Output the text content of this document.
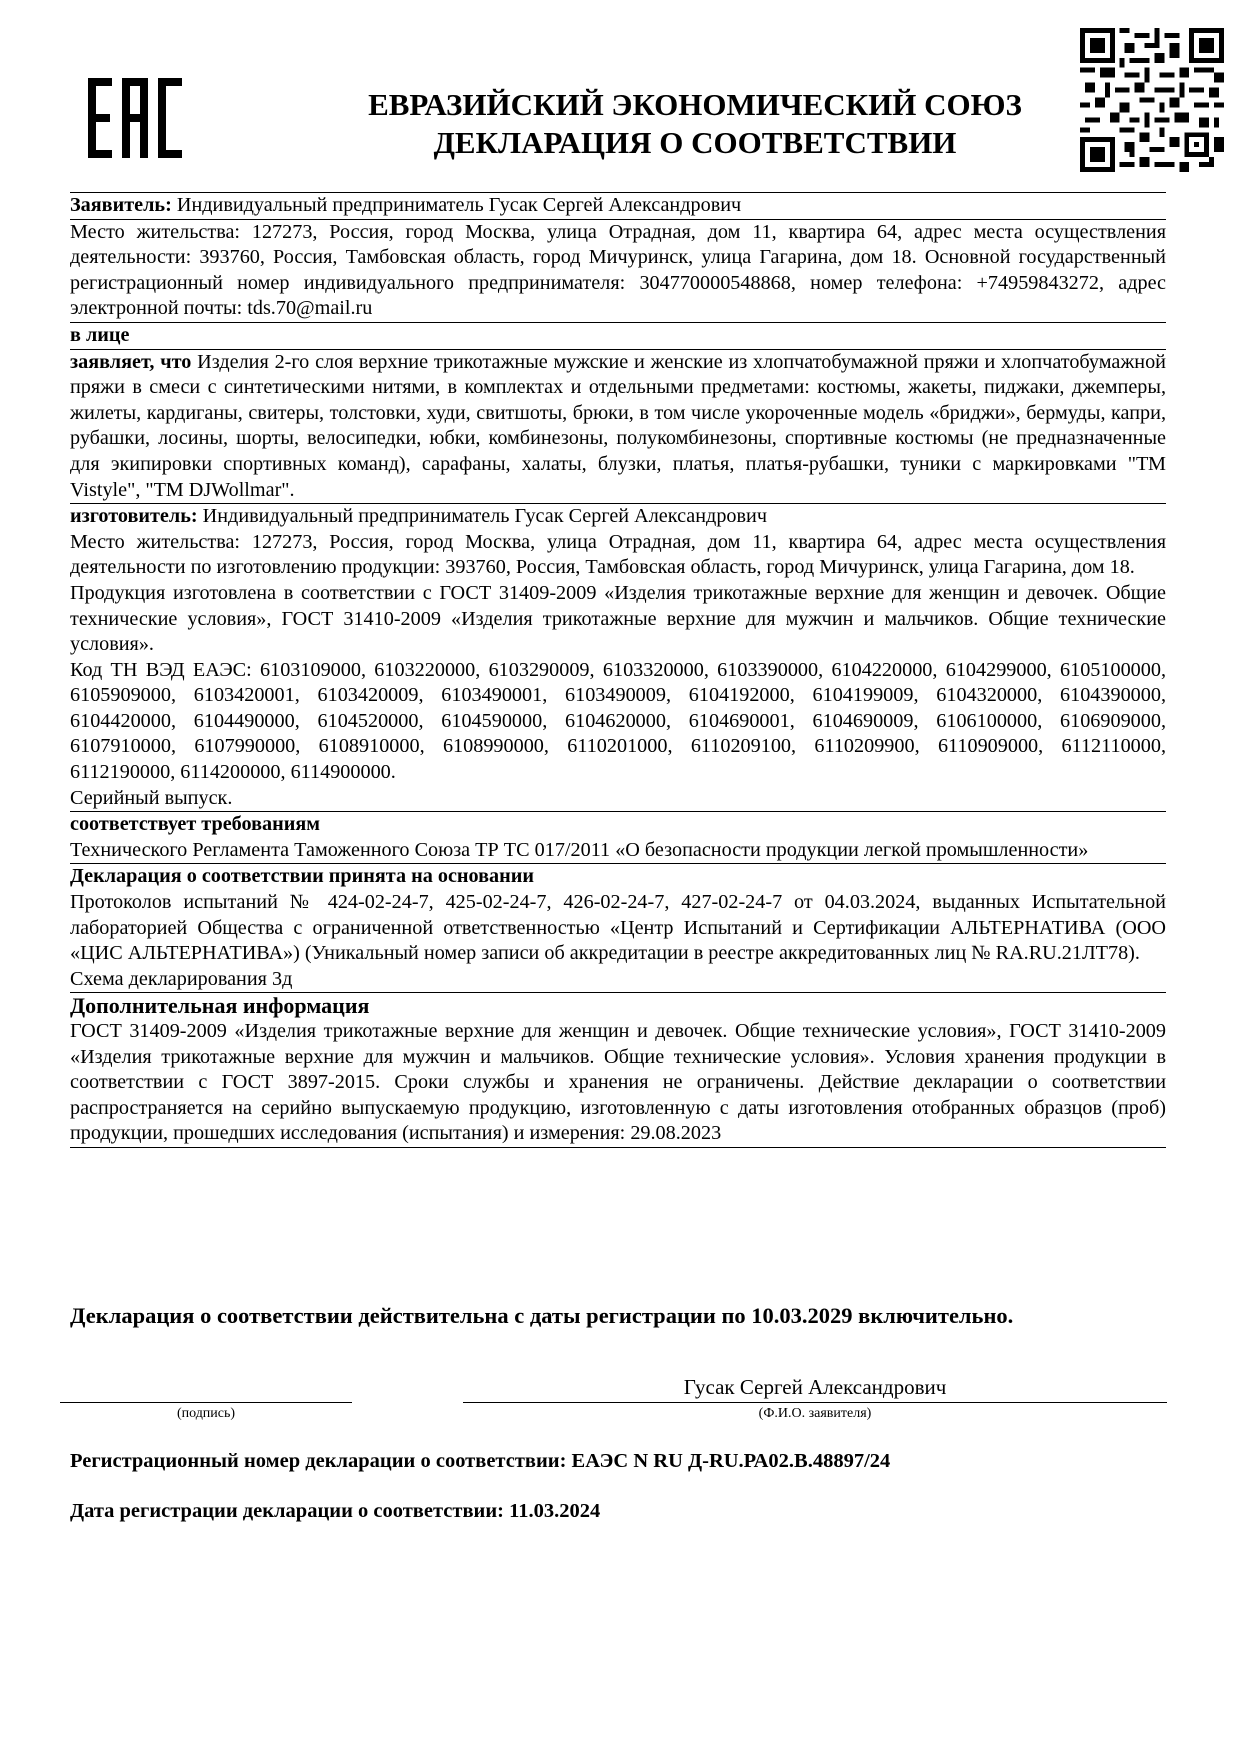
ЕВРАЗИЙСКИЙ ЭКОНОМИЧЕСКИЙ СОЮЗ
ДЕКЛАРАЦИЯ О СООТВЕТСТВИИ

Заявитель: Индивидуальный предприниматель Гусак Сергей Александрович

Место жительства: 127273, Россия, город Москва, улица Отрадная, дом 11, квартира 64, адрес места осуществления деятельности: 393760, Россия, Тамбовская область, город Мичуринск, улица Гагарина, дом 18. Основной государственный регистрационный номер индивидуального предпринимателя: 304770000548868, номер телефона: +74959843272, адрес электронной почты: tds.70@mail.ru

в лице

заявляет, что Изделия 2-го слоя верхние трикотажные мужские и женские из хлопчатобумажной пряжи и хлопчатобумажной пряжи в смеси с синтетическими нитями, в комплектах и отдельными предметами: костюмы, жакеты, пиджаки, джемперы, жилеты, кардиганы, свитеры, толстовки, худи, свитшоты, брюки, в том числе укороченные модель «бриджи», бермуды, капри, рубашки, лосины, шорты, велосипедки, юбки, комбинезоны, полукомбинезоны, спортивные костюмы (не предназначенные для экипировки спортивных команд), сарафаны, халаты, блузки, платья, платья-рубашки, туники с маркировками "ТМ Vistyle", "ТМ DJWollmar".

изготовитель: Индивидуальный предприниматель Гусак Сергей Александрович

Место жительства: 127273, Россия, город Москва, улица Отрадная, дом 11, квартира 64, адрес места осуществления деятельности по изготовлению продукции: 393760, Россия, Тамбовская область, город Мичуринск, улица Гагарина, дом 18.

Продукция изготовлена в соответствии с ГОСТ 31409-2009 «Изделия трикотажные верхние для женщин и девочек. Общие технические условия», ГОСТ 31410-2009 «Изделия трикотажные верхние для мужчин и мальчиков. Общие технические условия».

Код ТН ВЭД ЕАЭС: 6103109000, 6103220000, 6103290009, 6103320000, 6103390000, 6104220000, 6104299000, 6105100000, 6105909000, 6103420001, 6103420009, 6103490001, 6103490009, 6104192000, 6104199009, 6104320000, 6104390000, 6104420000, 6104490000, 6104520000, 6104590000, 6104620000, 6104690001, 6104690009, 6106100000, 6106909000, 6107910000, 6107990000, 6108910000, 6108990000, 6110201000, 6110209100, 6110209900, 6110909000, 6112110000, 6112190000, 6114200000, 6114900000.

Серийный выпуск.

соответствует требованиям

Технического Регламента Таможенного Союза ТР ТС 017/2011 «О безопасности продукции легкой промышленности»

Декларация о соответствии принята на основании

Протоколов испытаний № 424-02-24-7, 425-02-24-7, 426-02-24-7, 427-02-24-7 от 04.03.2024, выданных Испытательной лабораторией Общества с ограниченной ответственностью «Центр Испытаний и Сертификации АЛЬТЕРНАТИВА (ООО «ЦИС АЛЬТЕРНАТИВА») (Уникальный номер записи об аккредитации в реестре аккредитованных лиц № RA.RU.21ЛТ78).

Схема декларирования 3д

Дополнительная информация

ГОСТ 31409-2009 «Изделия трикотажные верхние для женщин и девочек. Общие технические условия», ГОСТ 31410-2009 «Изделия трикотажные верхние для мужчин и мальчиков. Общие технические условия». Условия хранения продукции в соответствии с ГОСТ 3897-2015. Сроки службы и хранения не ограничены. Действие декларации о соответствии распространяется на серийно выпускаемую продукцию, изготовленную с даты изготовления отобранных образцов (проб) продукции, прошедших исследования (испытания) и измерения: 29.08.2023

Декларация о соответствии действительна с даты регистрации по 10.03.2029 включительно.

(подпись)
Гусак Сергей Александрович
(Ф.И.О. заявителя)
Регистрационный номер декларации о соответствии: ЕАЭС N RU Д-RU.РА02.В.48897/24
Дата регистрации декларации о соответствии: 11.03.2024
